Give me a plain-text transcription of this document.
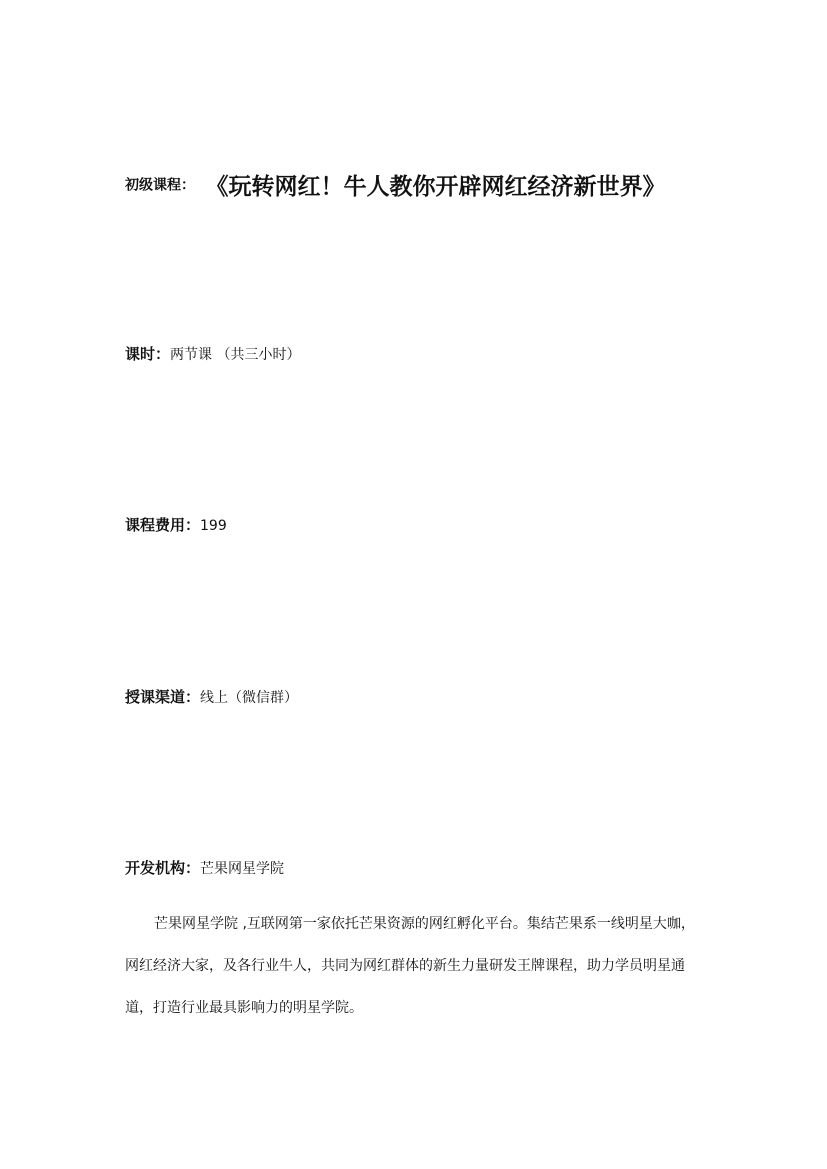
初级课程： 《玩转网红！牛人教你开辟网红经济新世界》
课时：两节课 （共三小时）
课程费用：199
授课渠道：线上（微信群）
开发机构：芒果网星学院
芒果网星学院 ,互联网第一家依托芒果资源的网红孵化平台。集结芒果系一线明星大咖，
网红经济大家，及各行业牛人，共同为网红群体的新生力量研发王牌课程，助力学员明星通
道，打造行业最具影响力的明星学院。
